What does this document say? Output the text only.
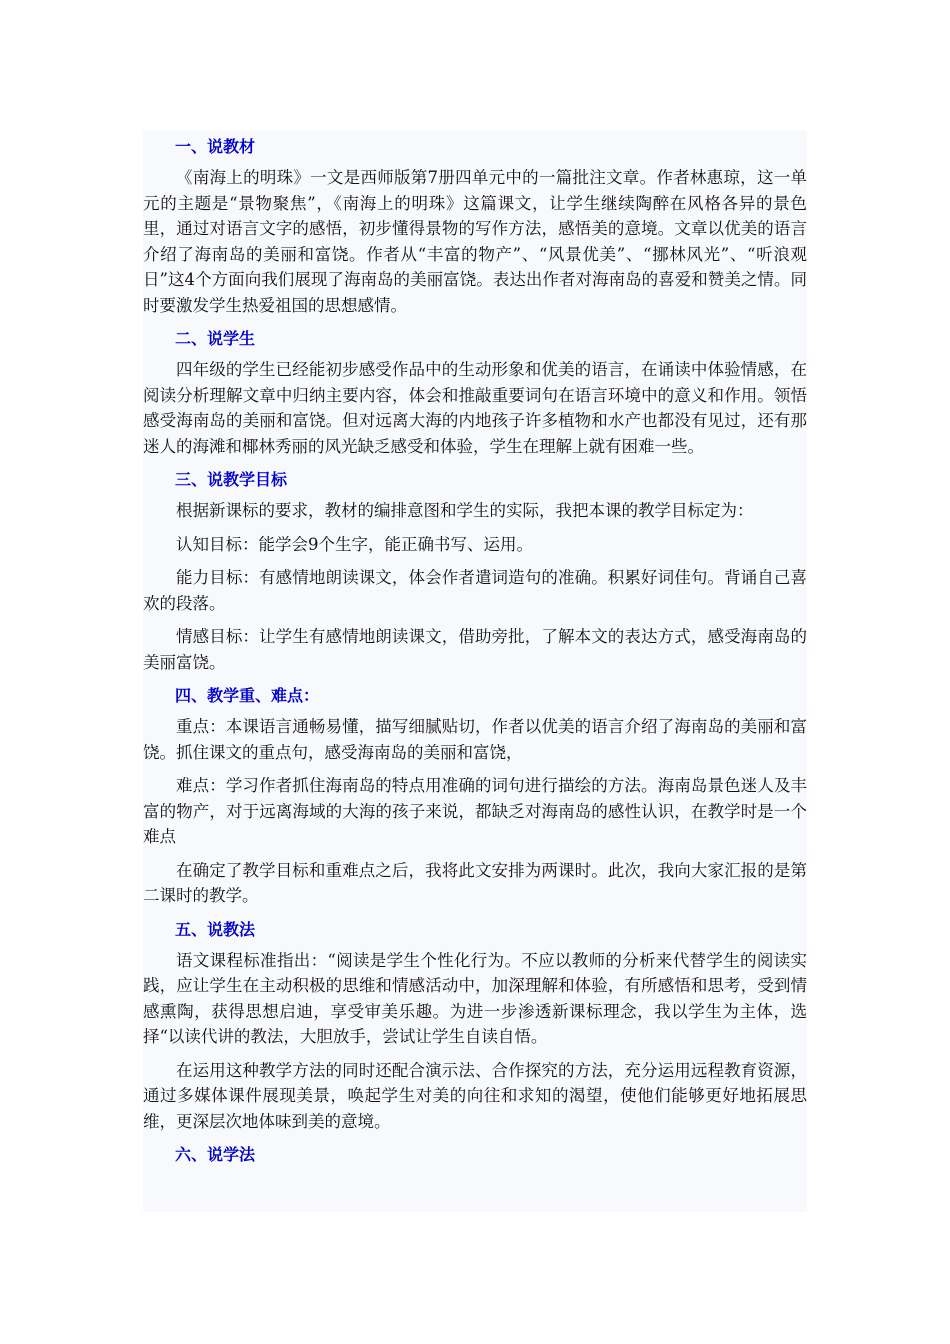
一、说教材

《南海上的明珠》一文是西师版第7册四单元中的一篇批注文章。作者林惠琼，这一单元的主题是“景物聚焦”，《南海上的明珠》这篇课文，让学生继续陶醉在风格各异的景色里，通过对语言文字的感悟，初步懂得景物的写作方法，感悟美的意境。文章以优美的语言介绍了海南岛的美丽和富饶。作者从“丰富的物产”、“风景优美”、“挪林风光”、“听浪观日”这4个方面向我们展现了海南岛的美丽富饶。表达出作者对海南岛的喜爱和赞美之情。同时要激发学生热爱祖国的思想感情。

二、说学生

四年级的学生已经能初步感受作品中的生动形象和优美的语言，在诵读中体验情感，在阅读分析理解文章中归纳主要内容，体会和推敲重要词句在语言环境中的意义和作用。领悟感受海南岛的美丽和富饶。但对远离大海的内地孩子许多植物和水产也都没有见过，还有那迷人的海滩和椰林秀丽的风光缺乏感受和体验，学生在理解上就有困难一些。

三、说教学目标

根据新课标的要求，教材的编排意图和学生的实际，我把本课的教学目标定为：

认知目标：能学会9个生字，能正确书写、运用。

能力目标：有感情地朗读课文，体会作者遣词造句的准确。积累好词佳句。背诵自己喜欢的段落。

情感目标：让学生有感情地朗读课文，借助旁批，了解本文的表达方式，感受海南岛的美丽富饶。

四、教学重、难点：

重点：本课语言通畅易懂，描写细腻贴切，作者以优美的语言介绍了海南岛的美丽和富饶。抓住课文的重点句，感受海南岛的美丽和富饶，

难点：学习作者抓住海南岛的特点用准确的词句进行描绘的方法。海南岛景色迷人及丰富的物产，对于远离海域的大海的孩子来说，都缺乏对海南岛的感性认识，在教学时是一个难点

在确定了教学目标和重难点之后，我将此文安排为两课时。此次，我向大家汇报的是第二课时的教学。

五、说教法

语文课程标准指出：“阅读是学生个性化行为。不应以教师的分析来代替学生的阅读实践，应让学生在主动积极的思维和情感活动中，加深理解和体验，有所感悟和思考，受到情感熏陶，获得思想启迪，享受审美乐趣。为进一步渗透新课标理念，我以学生为主体，选择“以读代讲的教法，大胆放手，尝试让学生自读自悟。

在运用这种教学方法的同时还配合演示法、合作探究的方法，充分运用远程教育资源，通过多媒体课件展现美景，唤起学生对美的向往和求知的渴望，使他们能够更好地拓展思维，更深层次地体味到美的意境。

六、说学法
